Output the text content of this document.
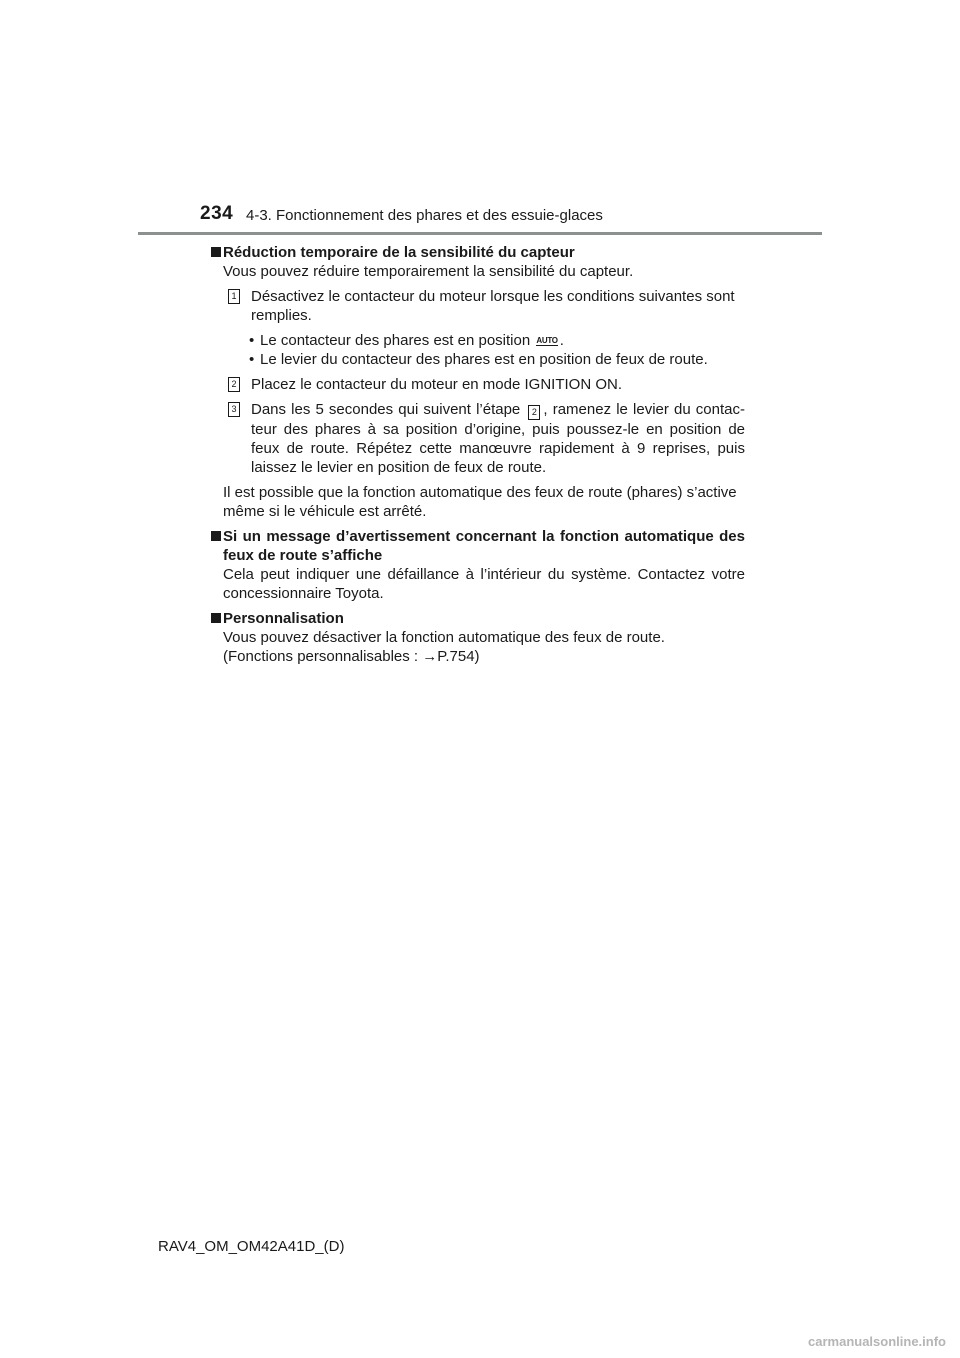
234 4-3. Fonctionnement des phares et des essuie-glaces
Réduction temporaire de la sensibilité du capteur
Vous pouvez réduire temporairement la sensibilité du capteur.
1 Désactivez le contacteur du moteur lorsque les conditions suivantes sont remplies.
• Le contacteur des phares est en position AUTO .
• Le levier du contacteur des phares est en position de feux de route.
2 Placez le contacteur du moteur en mode IGNITION ON.
3 Dans les 5 secondes qui suivent l’étape 2 , ramenez le levier du contac-teur des phares à sa position d’origine, puis poussez-le en position de feux de route. Répétez cette manœuvre rapidement à 9 reprises, puis laissez le levier en position de feux de route.
Il est possible que la fonction automatique des feux de route (phares) s’active même si le véhicule est arrêté.
Si un message d’avertissement concernant la fonction automatique des feux de route s’affiche
Cela peut indiquer une défaillance à l’intérieur du système. Contactez votre concessionnaire Toyota.
Personnalisation
Vous pouvez désactiver la fonction automatique des feux de route.
(Fonctions personnalisables : →P.754)
RAV4_OM_OM42A41D_(D)
carmanualsonline.info
